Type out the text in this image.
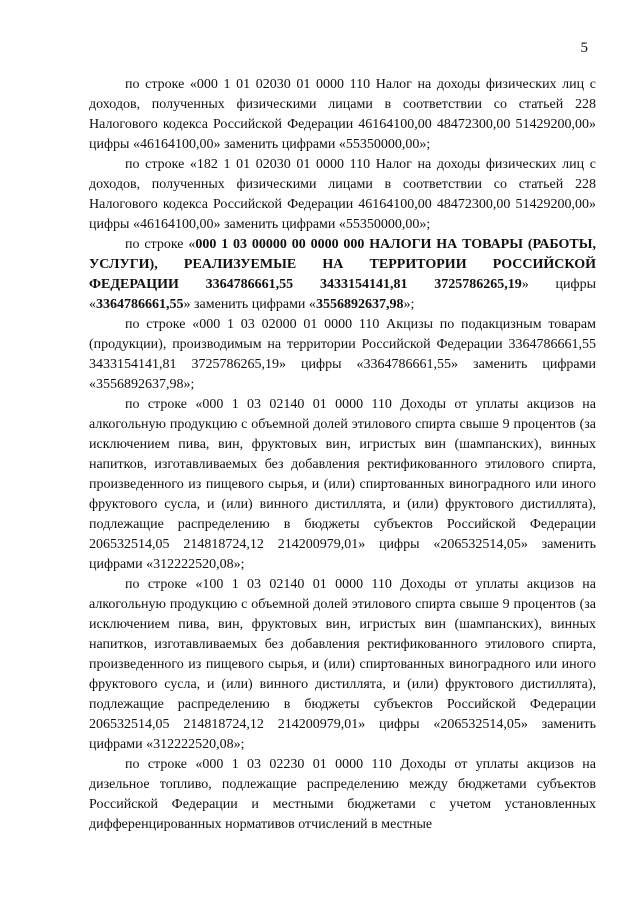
5

по строке «000 1 01 02030 01 0000 110 Налог на доходы физических лиц с доходов, полученных физическими лицами в соответствии со статьей 228 Налогового кодекса Российской Федерации 46164100,00 48472300,00 51429200,00» цифры «46164100,00» заменить цифрами «55350000,00»;

по строке «182 1 01 02030 01 0000 110 Налог на доходы физических лиц с доходов, полученных физическими лицами в соответствии со статьей 228 Налогового кодекса Российской Федерации 46164100,00 48472300,00 51429200,00» цифры «46164100,00» заменить цифрами «55350000,00»;

по строке «000 1 03 00000 00 0000 000 НАЛОГИ НА ТОВАРЫ (РАБОТЫ, УСЛУГИ), РЕАЛИЗУЕМЫЕ НА ТЕРРИТОРИИ РОССИЙСКОЙ ФЕДЕРАЦИИ 3364786661,55 3433154141,81 3725786265,19» цифры «3364786661,55» заменить цифрами «3556892637,98»;

по строке «000 1 03 02000 01 0000 110 Акцизы по подакцизным товарам (продукции), производимым на территории Российской Федерации 3364786661,55 3433154141,81 3725786265,19» цифры «3364786661,55» заменить цифрами «3556892637,98»;

по строке «000 1 03 02140 01 0000 110 Доходы от уплаты акцизов на алкогольную продукцию с объемной долей этилового спирта свыше 9 процентов (за исключением пива, вин, фруктовых вин, игристых вин (шампанских), винных напитков, изготавливаемых без добавления ректификованного этилового спирта, произведенного из пищевого сырья, и (или) спиртованных виноградного или иного фруктового сусла, и (или) винного дистиллята, и (или) фруктового дистиллята), подлежащие распределению в бюджеты субъектов Российской Федерации 206532514,05 214818724,12 214200979,01» цифры «206532514,05» заменить цифрами «312222520,08»;

по строке «100 1 03 02140 01 0000 110 Доходы от уплаты акцизов на алкогольную продукцию с объемной долей этилового спирта свыше 9 процентов (за исключением пива, вин, фруктовых вин, игристых вин (шампанских), винных напитков, изготавливаемых без добавления ректификованного этилового спирта, произведенного из пищевого сырья, и (или) спиртованных виноградного или иного фруктового сусла, и (или) винного дистиллята, и (или) фруктового дистиллята), подлежащие распределению в бюджеты субъектов Российской Федерации 206532514,05 214818724,12 214200979,01» цифры «206532514,05» заменить цифрами «312222520,08»;

по строке «000 1 03 02230 01 0000 110 Доходы от уплаты акцизов на дизельное топливо, подлежащие распределению между бюджетами субъектов Российской Федерации и местными бюджетами с учетом установленных дифференцированных нормативов отчислений в местные
